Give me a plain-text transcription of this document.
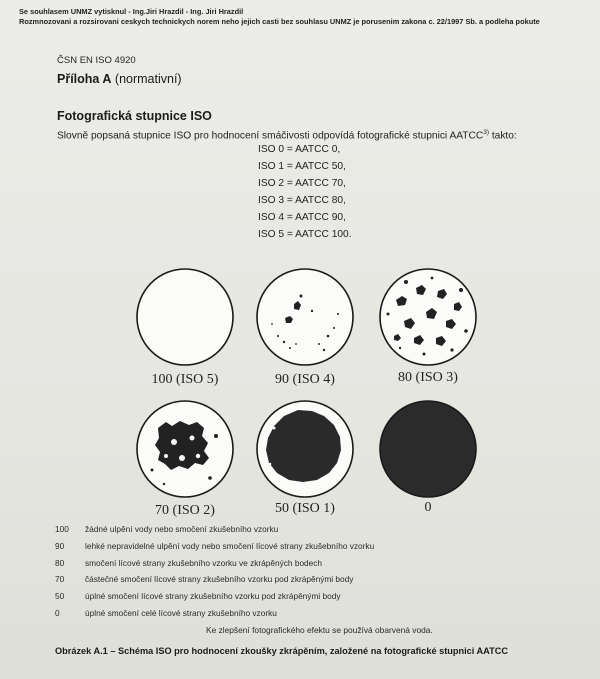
Se souhlasem UNMZ vytisknul - Ing.Jiri Hrazdil - Ing. Jiri Hrazdil
Rozmnozovani a rozsirovani ceskych technickych norem neho jejich casti bez souhlasu UNMZ je porusenim zakona c. 22/1997 Sb. a podleha pokute
ČSN EN ISO 4920
Příloha A (normativní)
Fotografická stupnice ISO
Slovně popsaná stupnice ISO pro hodnocení smáčivosti odpovídá fotografické stupnici AATCC$^{3)}$ takto:
ISO 0 = AATCC 0,
ISO 1 = AATCC 50,
ISO 2 = AATCC 70,
ISO 3 = AATCC 80,
ISO 4 = AATCC 90,
ISO 5 = AATCC 100.
100 (ISO 5)	90 (ISO 4)	80 (ISO 3)
70 (ISO 2)	50 (ISO 1)	0
100 žádné ulpění vody nebo smočení zkušebního vzorku
90	lehké nepravidelné ulpění vody nebo smočení lícové strany zkušebního vzorku
80	smočení lícové strany zkušebního vzorku ve zkrápěných bodech
70	částečné smočení lícové strany zkušebního vzorku pod zkrápěnými body
50	úplné smočení lícové strany zkušebního vzorku pod zkrápěnými body
0	úplné smočení celé lícové strany zkušebního vzorku
Ke zlepšení fotografického efektu se používá obarvená voda.
Obrázek A.1 – Schéma ISO pro hodnocení zkoušky zkrápěním, založené na fotografické stupnici AATCC
